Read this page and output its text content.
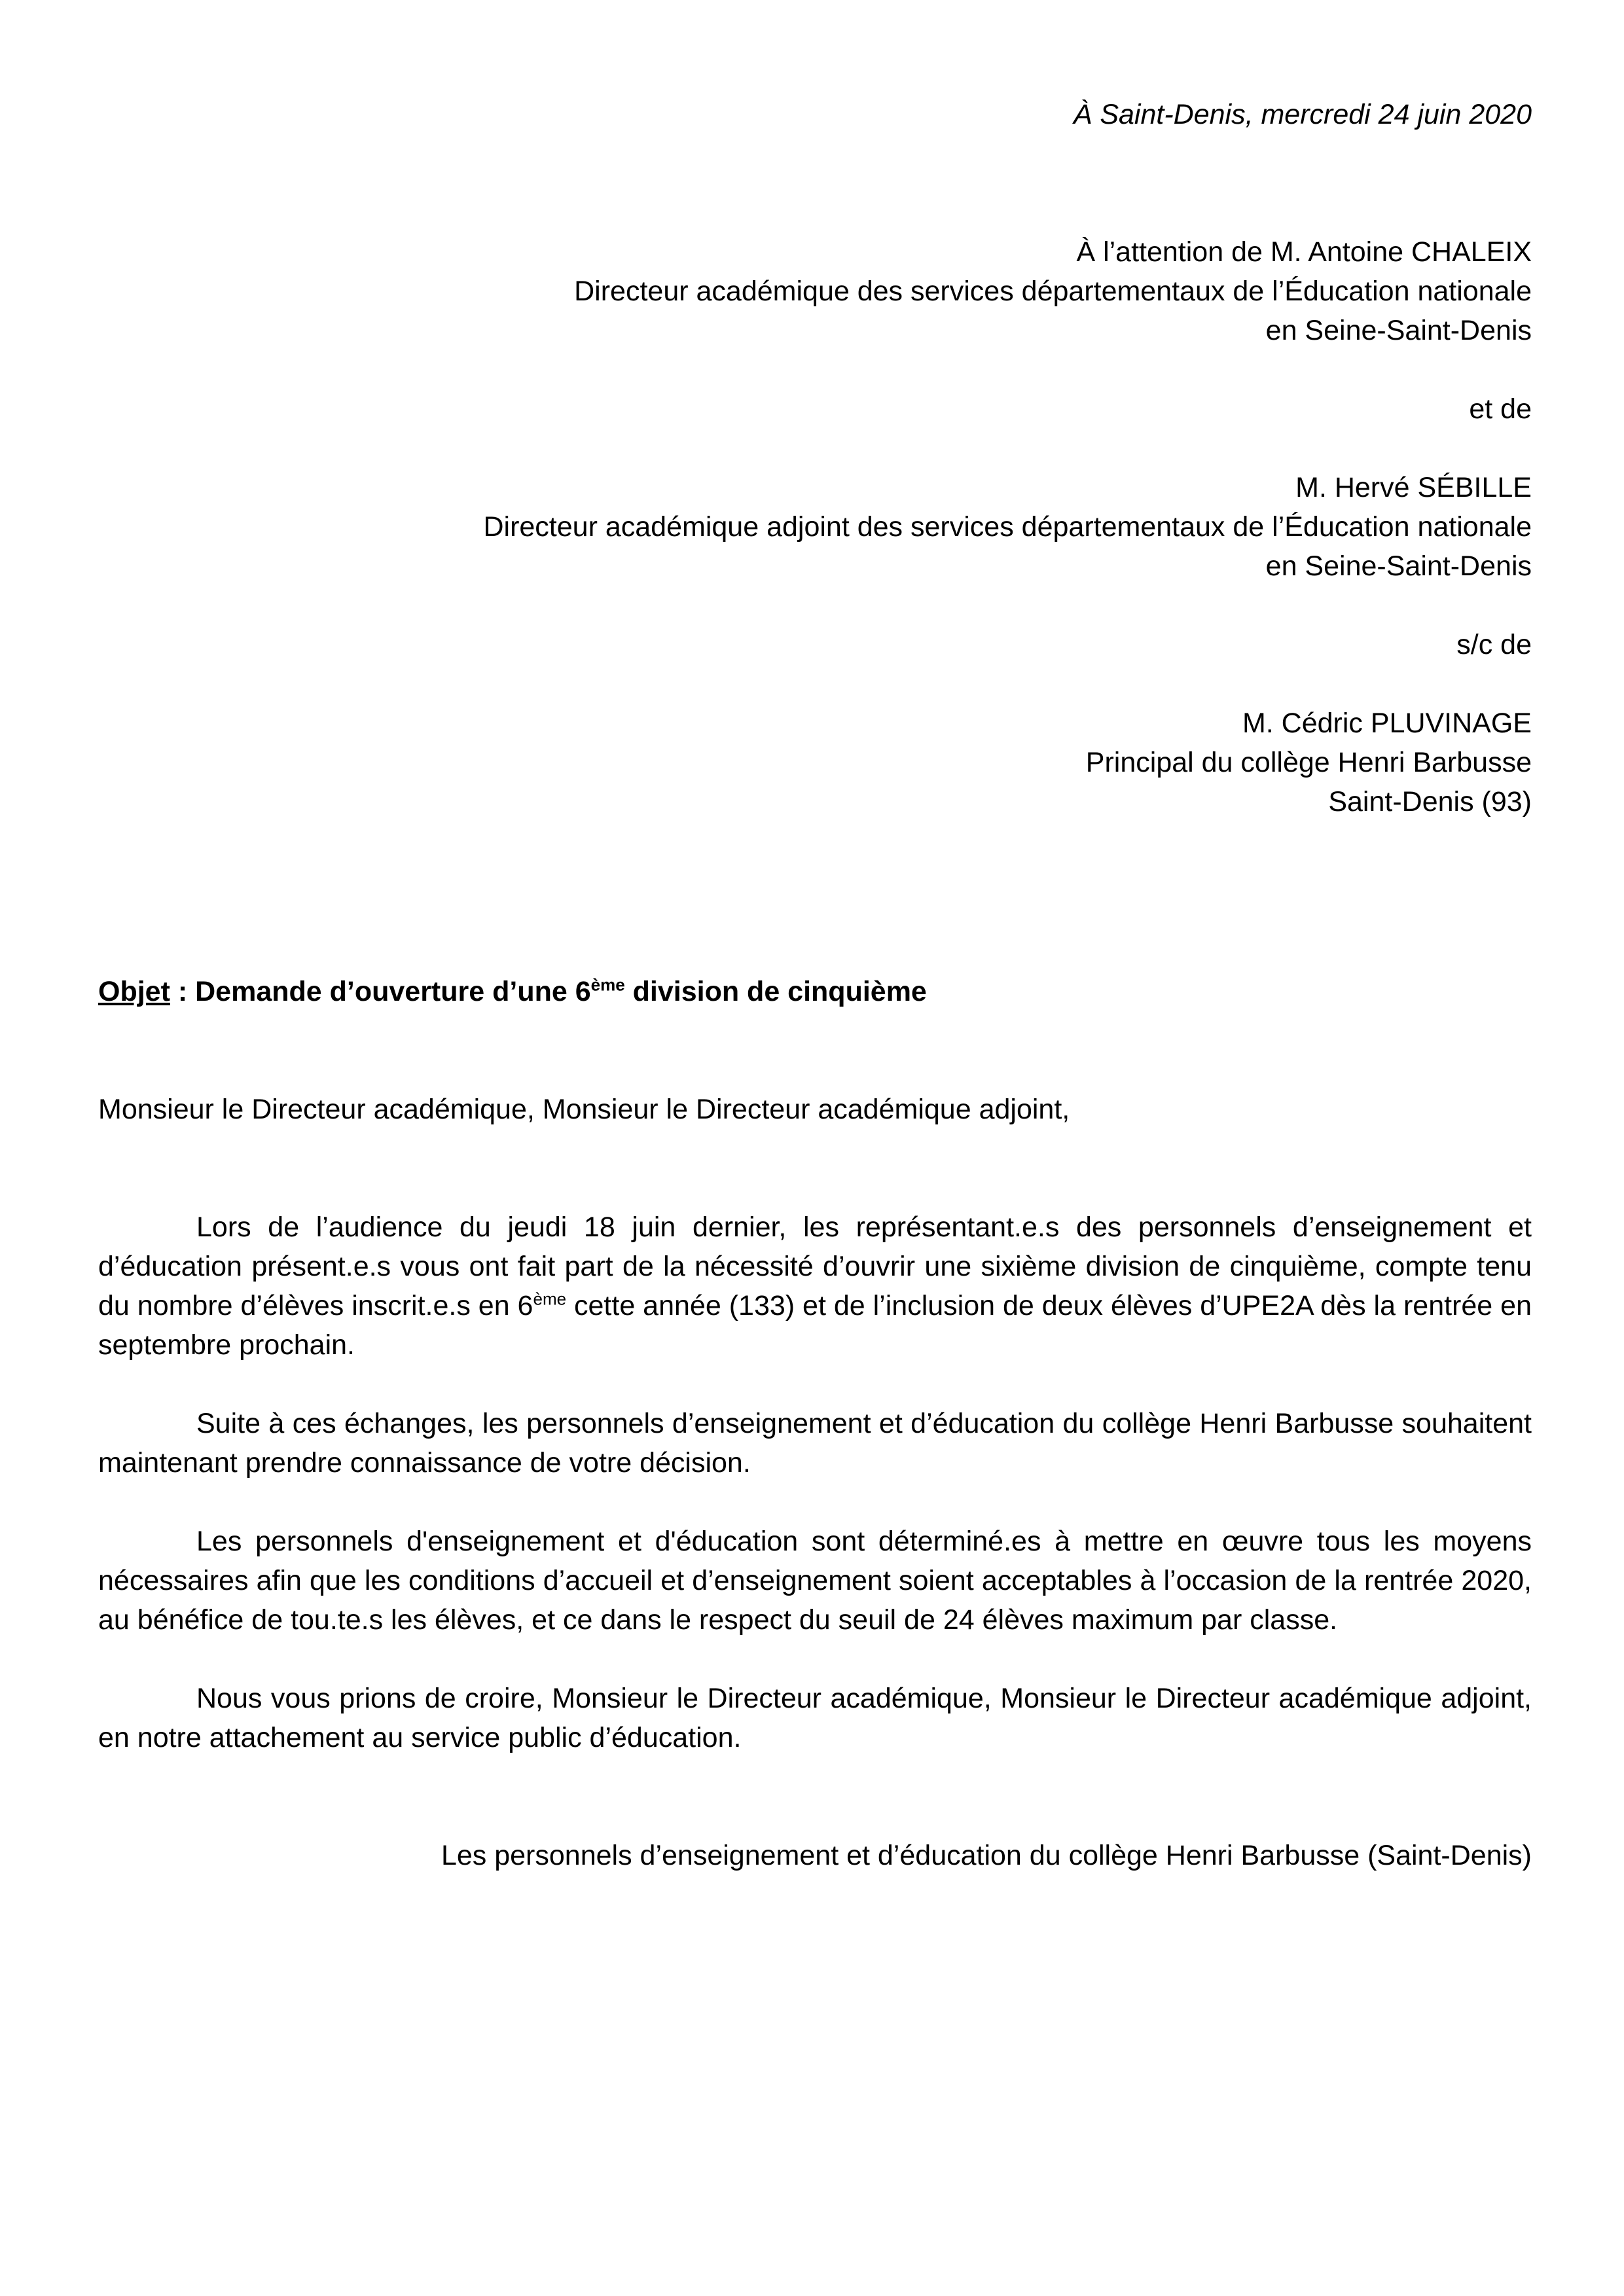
À Saint-Denis, mercredi 24 juin 2020

À l’attention de M. Antoine CHALEIX

Directeur académique des services départementaux de l’Éducation nationale

en Seine-Saint-Denis

et de

M. Hervé SÉBILLE

Directeur académique adjoint des services départementaux de l’Éducation nationale

en Seine-Saint-Denis

s/c de

M. Cédric PLUVINAGE

Principal du collège Henri Barbusse

Saint-Denis (93)

Objet : Demande d’ouverture d’une 6ème division de cinquième

Monsieur le Directeur académique, Monsieur le Directeur académique adjoint,

Lors de l’audience du jeudi 18 juin dernier, les représentant.e.s des personnels d’enseignement et d’éducation présent.e.s vous ont fait part de la nécessité d’ouvrir une sixième division de cinquième, compte tenu du nombre d’élèves inscrit.e.s en 6ème cette année (133) et de l’inclusion de deux élèves d’UPE2A dès la rentrée en septembre prochain.

Suite à ces échanges, les personnels d’enseignement et d’éducation du collège Henri Barbusse souhaitent maintenant prendre connaissance de votre décision.

Les personnels d'enseignement et d'éducation sont déterminé.es à mettre en œuvre tous les moyens nécessaires afin que les conditions d’accueil et d’enseignement soient acceptables à l’occasion de la rentrée 2020, au bénéfice de tou.te.s les élèves, et ce dans le respect du seuil de 24 élèves maximum par classe.

Nous vous prions de croire, Monsieur le Directeur académique, Monsieur le Directeur académique adjoint, en notre attachement au service public d’éducation.

Les personnels d’enseignement et d’éducation du collège Henri Barbusse (Saint-Denis)
